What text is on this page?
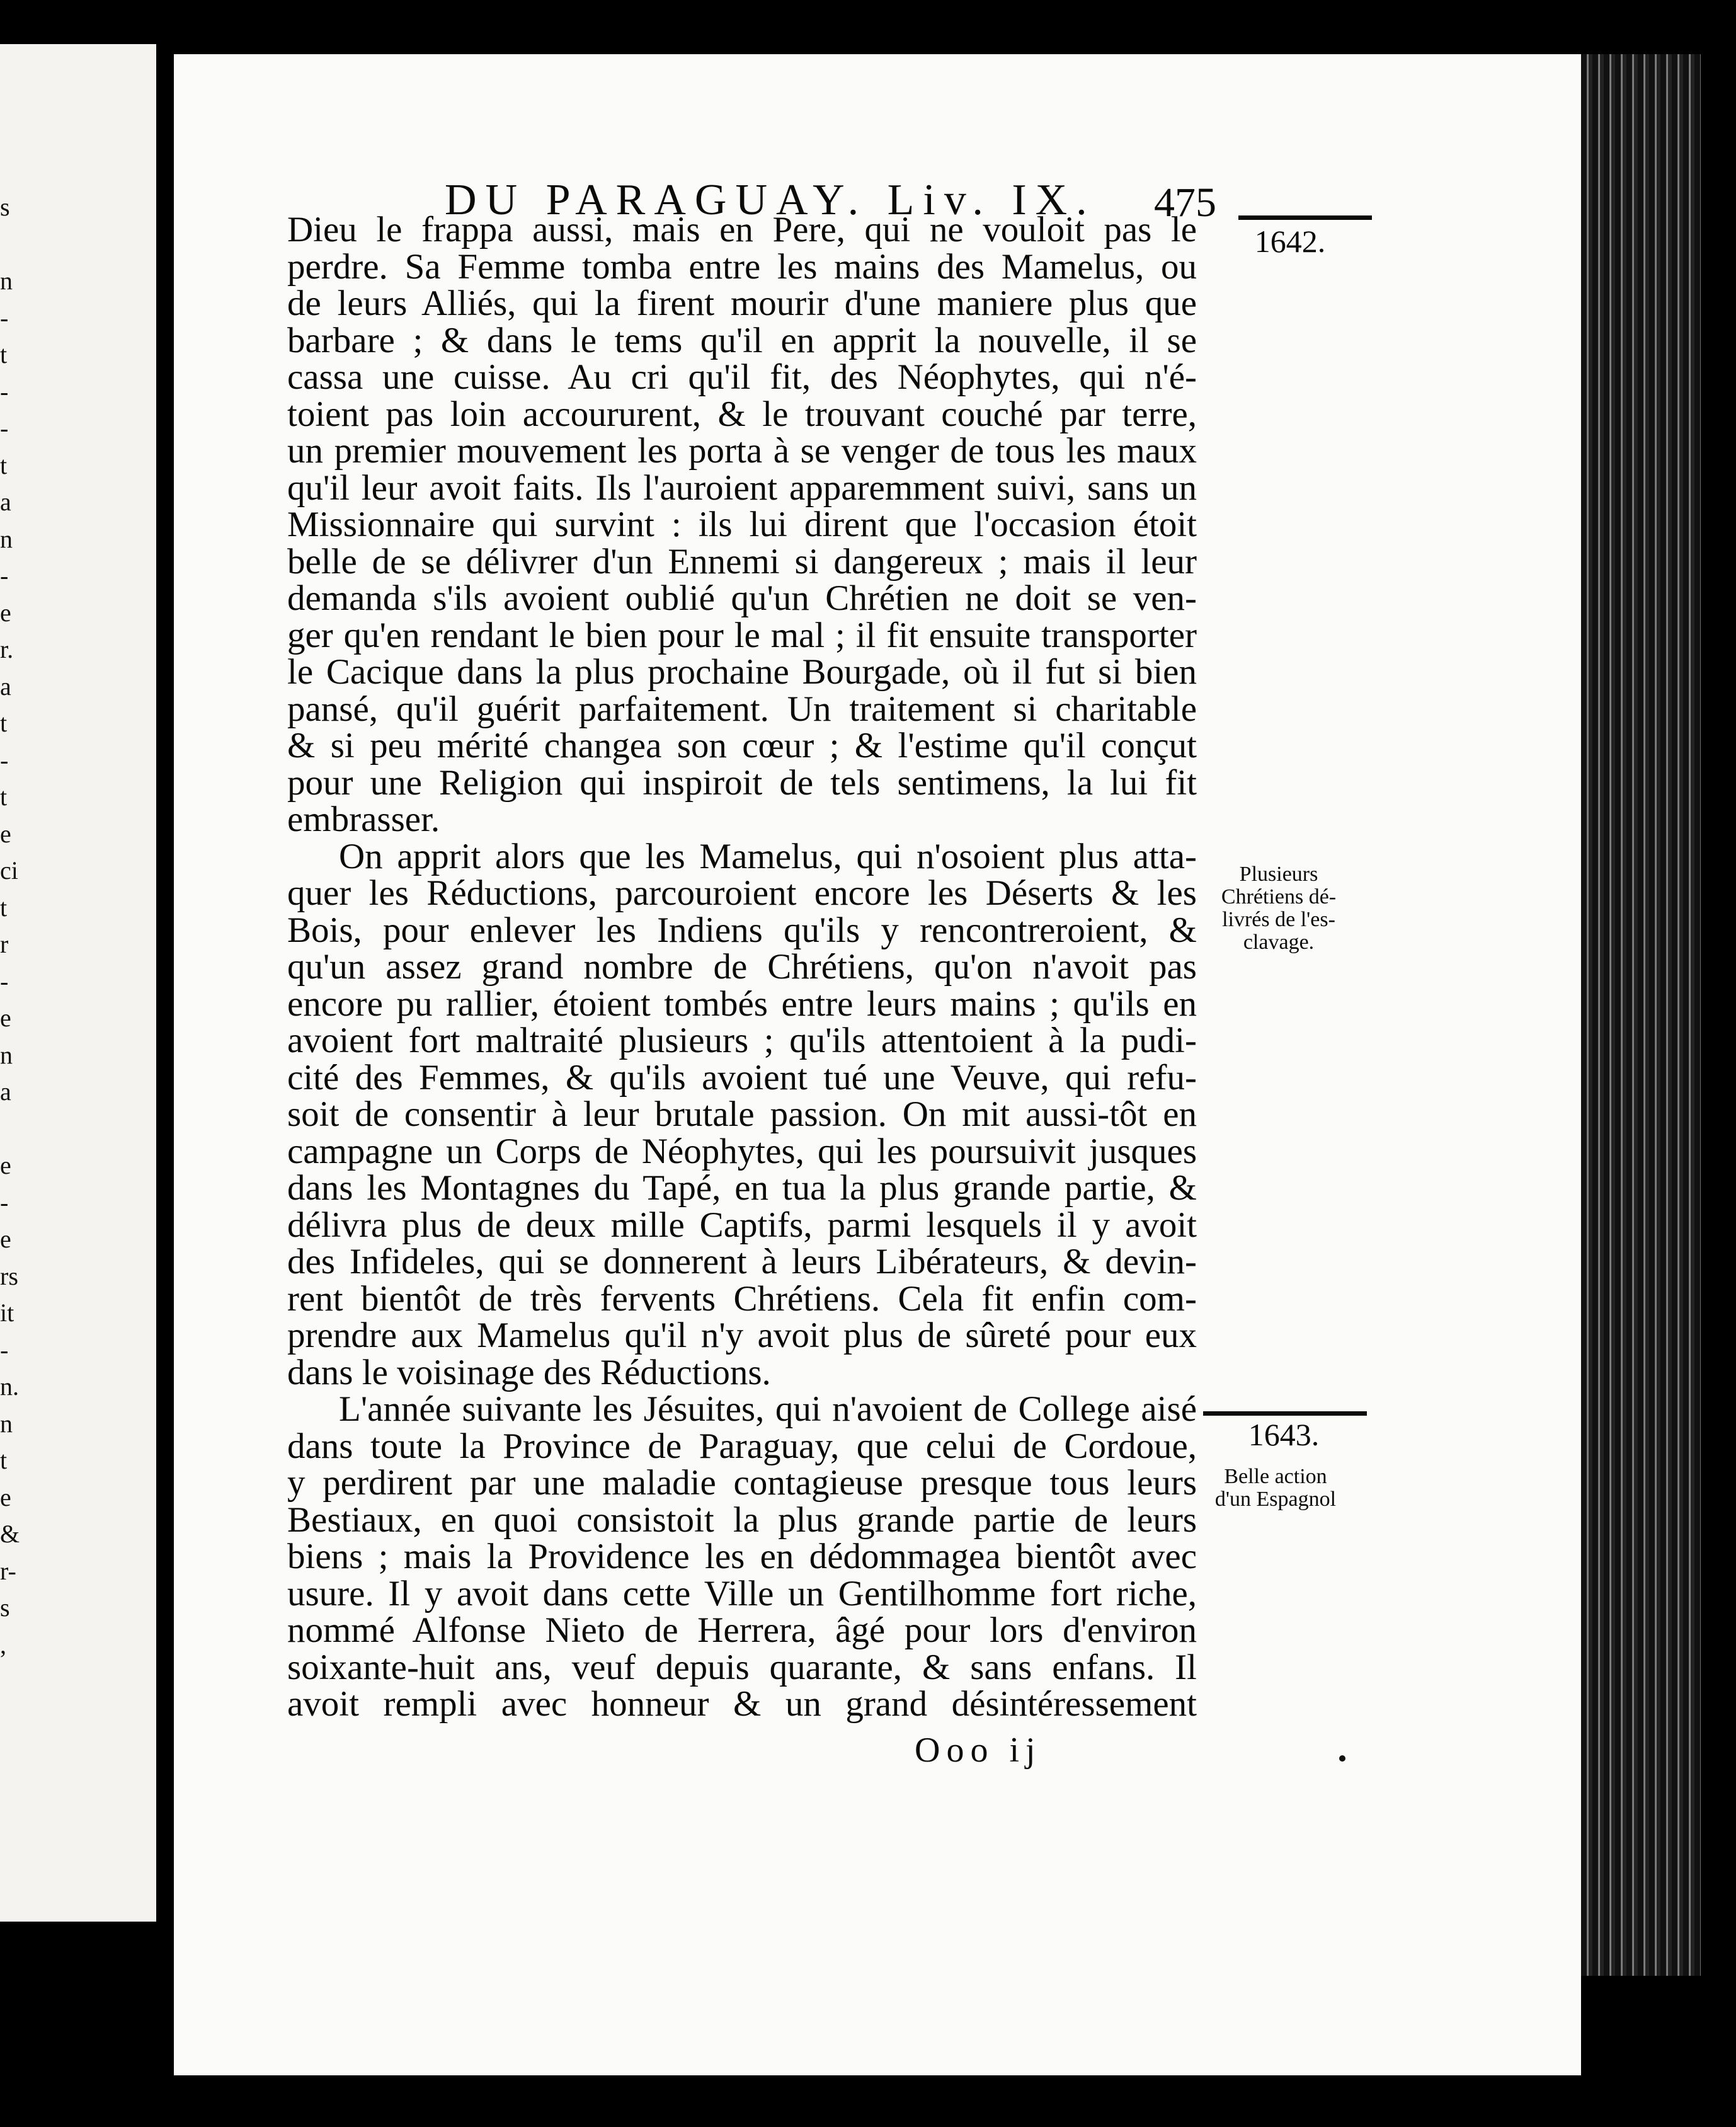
s
n
-
t
-
-
t
a
n
-
e
r.
a
t
-
t
e
ci
t
r
-
e
n
a
e
-
e
rs
it
-
n.
n
t
e
&
r-
s
,
DU PARAGUAY. Liv. IX. 475
1642.
Plusieurs
Chrétiens dé-
livrés de l'es-
clavage.
1643.
Belle action
d'un Espagnol
Dieu le frappa aussi, mais en Pere, qui ne vouloit pas le
perdre. Sa Femme tomba entre les mains des Mamelus, ou
de leurs Alliés, qui la firent mourir d'une maniere plus que
barbare ; & dans le tems qu'il en apprit la nouvelle, il se
cassa une cuisse. Au cri qu'il fit, des Néophytes, qui n'é-
toient pas loin accoururent, & le trouvant couché par terre,
un premier mouvement les porta à se venger de tous les maux
qu'il leur avoit faits. Ils l'auroient apparemment suivi, sans un
Missionnaire qui survint : ils lui dirent que l'occasion étoit
belle de se délivrer d'un Ennemi si dangereux ; mais il leur
demanda s'ils avoient oublié qu'un Chrétien ne doit se ven-
ger qu'en rendant le bien pour le mal ; il fit ensuite transporter
le Cacique dans la plus prochaine Bourgade, où il fut si bien
pansé, qu'il guérit parfaitement. Un traitement si charitable
& si peu mérité changea son cœur ; & l'estime qu'il conçut
pour une Religion qui inspiroit de tels sentimens, la lui fit
embrasser.
On apprit alors que les Mamelus, qui n'osoient plus atta-
quer les Réductions, parcouroient encore les Déserts & les
Bois, pour enlever les Indiens qu'ils y rencontreroient, &
qu'un assez grand nombre de Chrétiens, qu'on n'avoit pas
encore pu rallier, étoient tombés entre leurs mains ; qu'ils en
avoient fort maltraité plusieurs ; qu'ils attentoient à la pudi-
cité des Femmes, & qu'ils avoient tué une Veuve, qui refu-
soit de consentir à leur brutale passion. On mit aussi-tôt en
campagne un Corps de Néophytes, qui les poursuivit jusques
dans les Montagnes du Tapé, en tua la plus grande partie, &
délivra plus de deux mille Captifs, parmi lesquels il y avoit
des Infideles, qui se donnerent à leurs Libérateurs, & devin-
rent bientôt de très fervents Chrétiens. Cela fit enfin com-
prendre aux Mamelus qu'il n'y avoit plus de sûreté pour eux
dans le voisinage des Réductions.
L'année suivante les Jésuites, qui n'avoient de College aisé
dans toute la Province de Paraguay, que celui de Cordoue,
y perdirent par une maladie contagieuse presque tous leurs
Bestiaux, en quoi consistoit la plus grande partie de leurs
biens ; mais la Providence les en dédommagea bientôt avec
usure. Il y avoit dans cette Ville un Gentilhomme fort riche,
nommé Alfonse Nieto de Herrera, âgé pour lors d'environ
soixante-huit ans, veuf depuis quarante, & sans enfans. Il
avoit rempli avec honneur & un grand désintéressement
Ooo ij
